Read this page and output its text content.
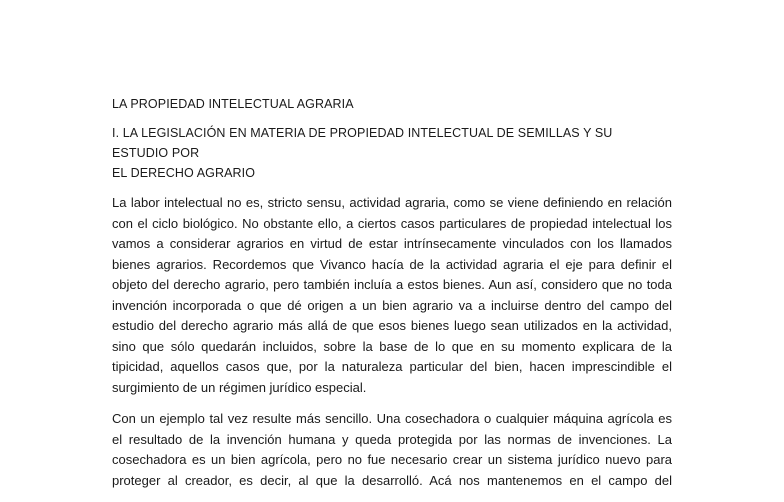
LA PROPIEDAD INTELECTUAL AGRARIA
I. LA LEGISLACIÓN EN MATERIA DE PROPIEDAD INTELECTUAL DE SEMILLAS Y SU ESTUDIO POR
EL DERECHO AGRARIO
La labor intelectual no es, stricto sensu, actividad agraria, como se viene definiendo en relación
con el ciclo biológico. No obstante ello, a ciertos casos particulares de propiedad intelectual los
vamos a considerar agrarios en virtud de estar intrínsecamente vinculados con los llamados
bienes agrarios. Recordemos que Vivanco hacía de la actividad agraria el eje para definir el
objeto del derecho agrario, pero también incluía a estos bienes. Aun así, considero que no toda
invención incorporada o que dé origen a un bien agrario va a incluirse dentro del campo del
estudio del derecho agrario más allá de que esos bienes luego sean utilizados en la actividad,
sino que sólo quedarán incluidos, sobre la base de lo que en su momento explicara de la
tipicidad, aquellos casos que, por la naturaleza particular del bien, hacen imprescindible el
surgimiento de un régimen jurídico especial.
Con un ejemplo tal vez resulte más sencillo. Una cosechadora o cualquier máquina agrícola es
el resultado de la invención humana y queda protegida por las normas de invenciones. La
cosechadora es un bien agrícola, pero no fue necesario crear un sistema jurídico nuevo para
proteger al creador, es decir, al que la desarrolló. Acá nos mantenemos en el campo del
